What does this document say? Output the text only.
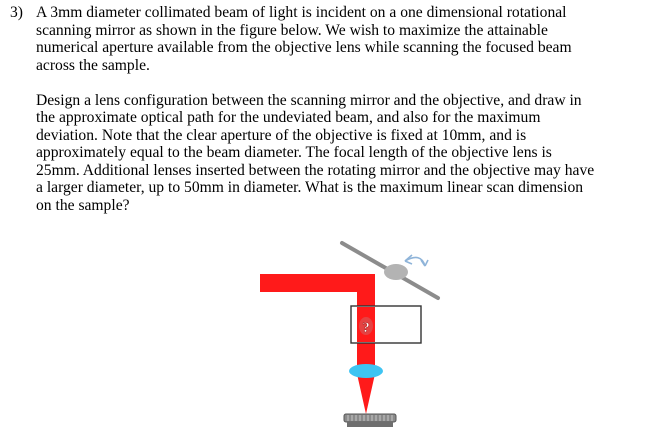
3) A 3mm diameter collimated beam of light is incident on a one dimensional rotational

scanning mirror as shown in the figure below. We wish to maximize the attainable

numerical aperture available from the objective lens while scanning the focused beam

across the sample.

Design a lens configuration between the scanning mirror and the objective, and draw in

the approximate optical path for the undeviated beam, and also for the maximum

deviation. Note that the clear aperture of the objective is fixed at 10mm, and is

approximately equal to the beam diameter. The focal length of the objective lens is

25mm. Additional lenses inserted between the rotating mirror and the objective may have

a larger diameter, up to 50mm in diameter. What is the maximum linear scan dimension

on the sample?

?
